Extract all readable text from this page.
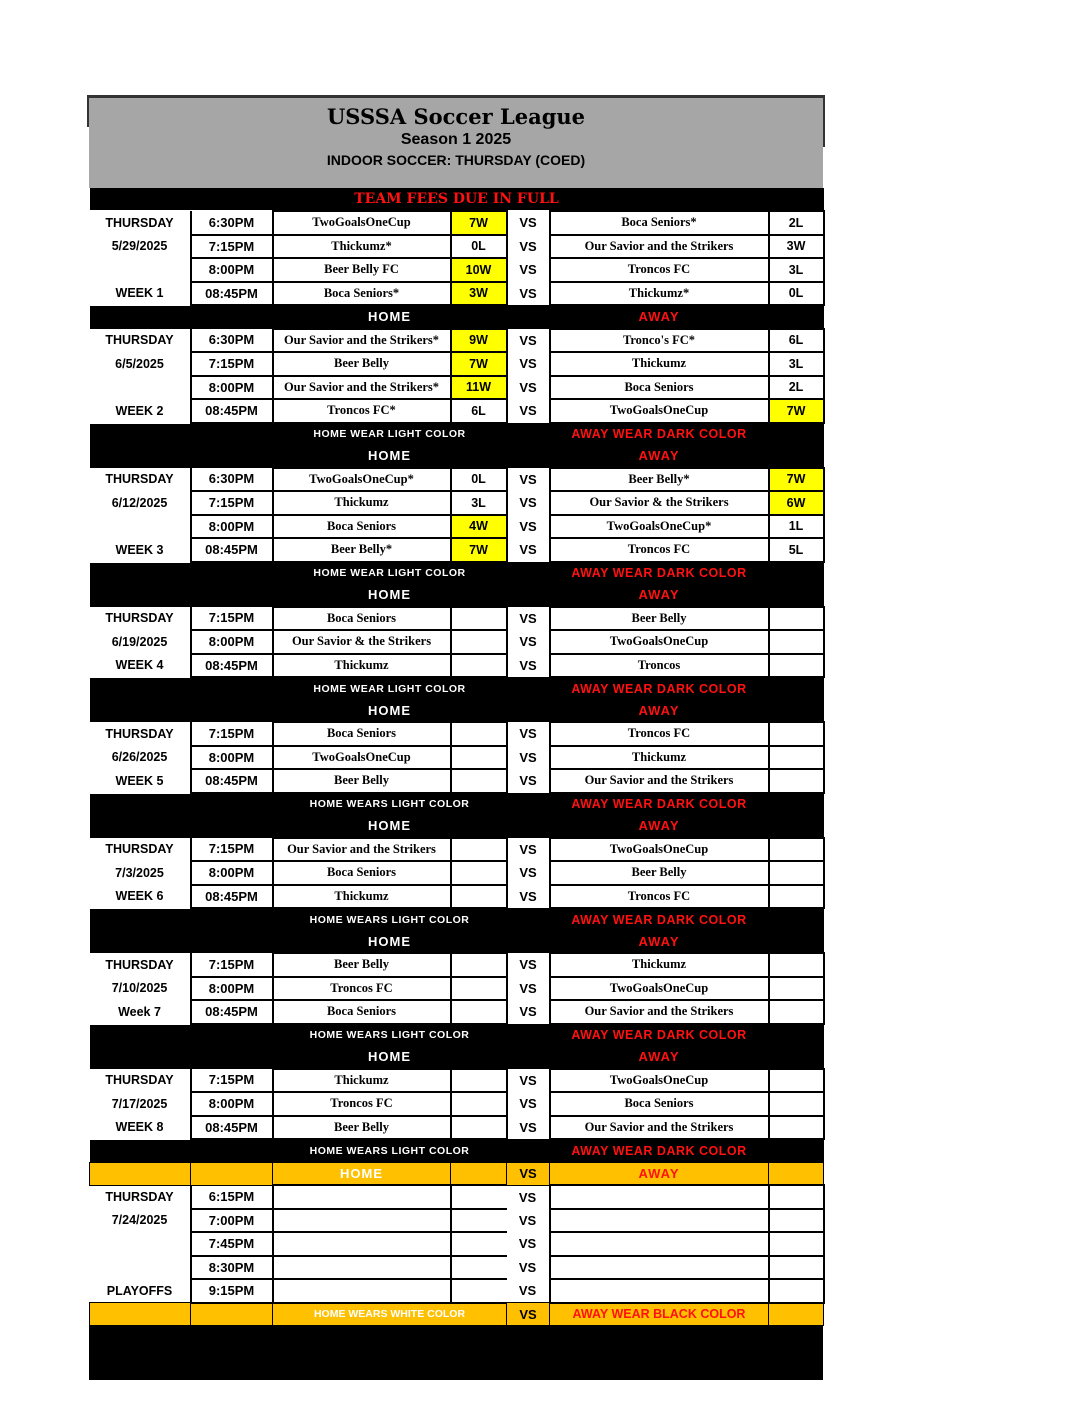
USSSA Soccer League
Season 1 2025
INDOOR SOCCER: THURSDAY (COED)
TEAM FEES DUE IN FULL						
THURSDAY	6:30PM	TwoGoalsOneCup	7W	VS	Boca Seniors*	2L
5/29/2025	7:15PM	Thickumz*	0L	VS	Our Savior and the Strikers	3W
	8:00PM	Beer Belly FC	10W	VS	Troncos FC	3L
WEEK 1	08:45PM	Boca Seniors*	3W	VS	Thickumz*	0L
		HOME			AWAY	
THURSDAY	6:30PM	Our Savior and the Strikers*	9W	VS	Tronco's FC*	6L
6/5/2025	7:15PM	Beer Belly	7W	VS	Thickumz	3L
	8:00PM	Our Savior and the Strikers*	11W	VS	Boca Seniors	2L
WEEK 2	08:45PM	Troncos FC*	6L	VS	TwoGoalsOneCup	7W
		HOME WEAR LIGHT COLOR			AWAY WEAR DARK COLOR	
		HOME			AWAY	
THURSDAY	6:30PM	TwoGoalsOneCup*	0L	VS	Beer Belly*	7W
6/12/2025	7:15PM	Thickumz	3L	VS	Our Savior & the Strikers	6W
	8:00PM	Boca Seniors	4W	VS	TwoGoalsOneCup*	1L
WEEK 3	08:45PM	Beer Belly*	7W	VS	Troncos FC	5L
		HOME WEAR LIGHT COLOR			AWAY WEAR DARK COLOR	
		HOME			AWAY	
THURSDAY	7:15PM	Boca Seniors		VS	Beer Belly	
6/19/2025	8:00PM	Our Savior & the Strikers		VS	TwoGoalsOneCup	
WEEK 4	08:45PM	Thickumz		VS	Troncos	
		HOME WEAR LIGHT COLOR			AWAY WEAR DARK COLOR	
		HOME			AWAY	
THURSDAY	7:15PM	Boca Seniors		VS	Troncos FC	
6/26/2025	8:00PM	TwoGoalsOneCup		VS	Thickumz	
WEEK 5	08:45PM	Beer Belly		VS	Our Savior and the Strikers	
		HOME WEARS LIGHT COLOR			AWAY WEAR DARK COLOR	
		HOME			AWAY	
THURSDAY	7:15PM	Our Savior and the Strikers		VS	TwoGoalsOneCup	
7/3/2025	8:00PM	Boca Seniors		VS	Beer Belly	
WEEK 6	08:45PM	Thickumz		VS	Troncos FC	
		HOME WEARS LIGHT COLOR			AWAY WEAR DARK COLOR	
		HOME			AWAY	
THURSDAY	7:15PM	Beer Belly		VS	Thickumz	
7/10/2025	8:00PM	Troncos FC		VS	TwoGoalsOneCup	
Week 7	08:45PM	Boca Seniors		VS	Our Savior and the Strikers	
		HOME WEARS LIGHT COLOR			AWAY WEAR DARK COLOR	
		HOME			AWAY	
THURSDAY	7:15PM	Thickumz		VS	TwoGoalsOneCup	
7/17/2025	8:00PM	Troncos FC		VS	Boca Seniors	
WEEK 8	08:45PM	Beer Belly		VS	Our Savior and the Strikers	
		HOME WEARS LIGHT COLOR			AWAY WEAR DARK COLOR	
		HOME		VS	AWAY	
THURSDAY	6:15PM			VS		
7/24/2025	7:00PM			VS		
	7:45PM			VS		
	8:30PM			VS		
PLAYOFFS	9:15PM			VS		
		HOME WEARS WHITE COLOR		VS	AWAY WEAR BLACK COLOR	
